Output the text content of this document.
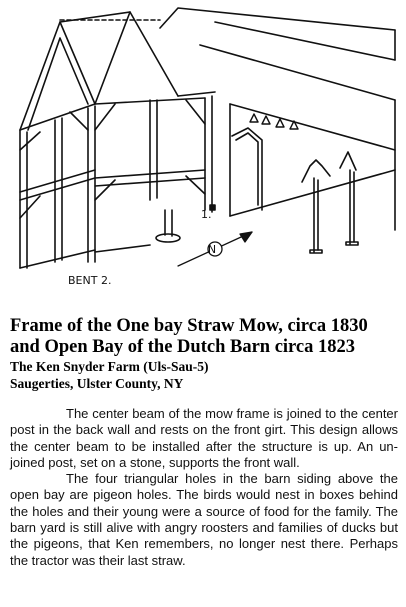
N
1.
BENT 2.

Frame of the One bay Straw Mow, circa 1830

and Open Bay of the Dutch Barn circa 1823

The Ken Snyder Farm (Uls-Sau-5)

Saugerties, Ulster County, NY

The center beam of the mow frame is joined to the center post in the back wall and rests on the front girt. This design allows the center beam to be installed after the structure is up. An un-joined post, set on a stone, supports the front wall.

The four triangular holes in the barn siding above the open bay are pigeon holes. The birds would nest in boxes behind the holes and their young were a source of food for the family. The barn yard is still alive with angry roosters and families of ducks but the pigeons, that Ken remembers, no longer nest there. Perhaps the tractor was their last straw.
